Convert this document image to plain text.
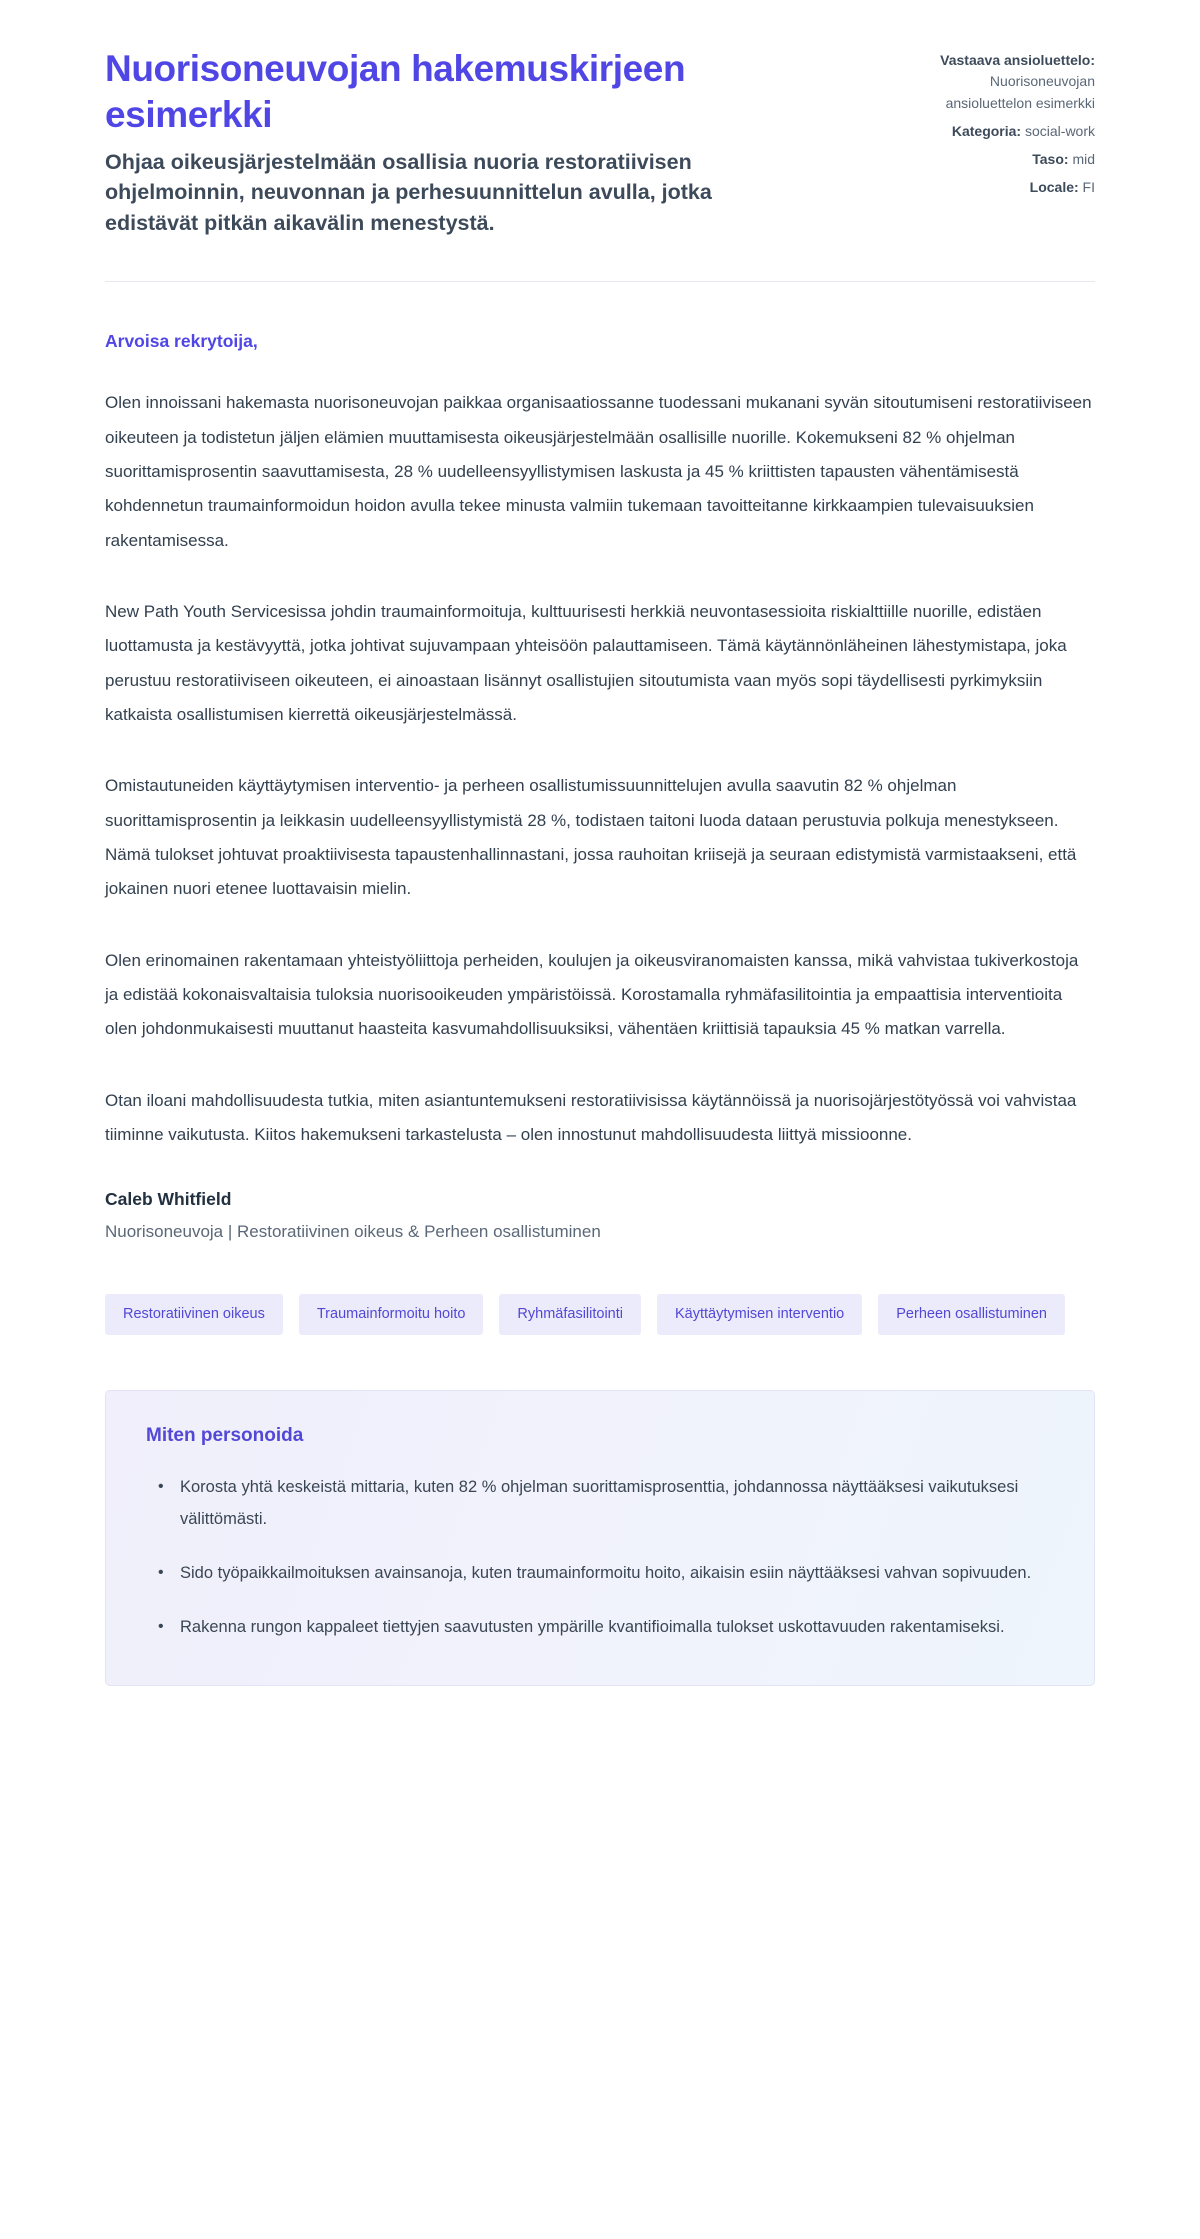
Nuorisoneuvojan hakemuskirjeen esimerkki

Ohjaa oikeusjärjestelmään osallisia nuoria restoratiivisen ohjelmoinnin, neuvonnan ja perhesuunnittelun avulla, jotka edistävät pitkän aikavälin menestystä.

Vastaava ansioluettelo: Nuorisoneuvojan ansioluettelon esimerkki
Kategoria: social-work
Taso: mid
Locale: FI

Arvoisa rekrytoija,

Olen innoissani hakemasta nuorisoneuvojan paikkaa organisaatiossanne tuodessani mukanani syvän sitoutumiseni restoratiiviseen oikeuteen ja todistetun jäljen elämien muuttamisesta oikeusjärjestelmään osallisille nuorille. Kokemukseni 82 % ohjelman suorittamisprosentin saavuttamisesta, 28 % uudelleensyyllistymisen laskusta ja 45 % kriittisten tapausten vähentämisestä kohdennetun traumainformoidun hoidon avulla tekee minusta valmiin tukemaan tavoitteitanne kirkkaampien tulevaisuuksien rakentamisessa.

New Path Youth Servicesissa johdin traumainformoituja, kulttuurisesti herkkiä neuvontasessioita riskialttiille nuorille, edistäen luottamusta ja kestävyyttä, jotka johtivat sujuvampaan yhteisöön palauttamiseen. Tämä käytännönläheinen lähestymistapa, joka perustuu restoratiiviseen oikeuteen, ei ainoastaan lisännyt osallistujien sitoutumista vaan myös sopi täydellisesti pyrkimyksiin katkaista osallistumisen kierrettä oikeusjärjestelmässä.

Omistautuneiden käyttäytymisen interventio- ja perheen osallistumissuunnittelujen avulla saavutin 82 % ohjelman suorittamisprosentin ja leikkasin uudelleensyyllistymistä 28 %, todistaen taitoni luoda dataan perustuvia polkuja menestykseen. Nämä tulokset johtuvat proaktiivisesta tapaustenhallinnastani, jossa rauhoitan kriisejä ja seuraan edistymistä varmistaakseni, että jokainen nuori etenee luottavaisin mielin.

Olen erinomainen rakentamaan yhteistyöliittoja perheiden, koulujen ja oikeusviranomaisten kanssa, mikä vahvistaa tukiverkostoja ja edistää kokonaisvaltaisia tuloksia nuorisooikeuden ympäristöissä. Korostamalla ryhmäfasilitointia ja empaattisia interventioita olen johdonmukaisesti muuttanut haasteita kasvumahdollisuuksiksi, vähentäen kriittisiä tapauksia 45 % matkan varrella.

Otan iloani mahdollisuudesta tutkia, miten asiantuntemukseni restoratiivisissa käytännöissä ja nuorisojärjestötyössä voi vahvistaa tiiminne vaikutusta. Kiitos hakemukseni tarkastelusta – olen innostunut mahdollisuudesta liittyä missioonne.

Caleb Whitfield

Nuorisoneuvoja | Restoratiivinen oikeus & Perheen osallistuminen

Restoratiivinen oikeus	Traumainformoitu hoito	Ryhmäfasilitointi	Käyttäytymisen interventio	Perheen osallistuminen

Miten personoida

• Korosta yhtä keskeistä mittaria, kuten 82 % ohjelman suorittamisprosenttia, johdannossa näyttääksesi vaikutuksesi välittömästi.
• Sido työpaikkailmoituksen avainsanoja, kuten traumainformoitu hoito, aikaisin esiin näyttääksesi vahvan sopivuuden.
• Rakenna rungon kappaleet tiettyjen saavutusten ympärille kvantifioimalla tulokset uskottavuuden rakentamiseksi.
